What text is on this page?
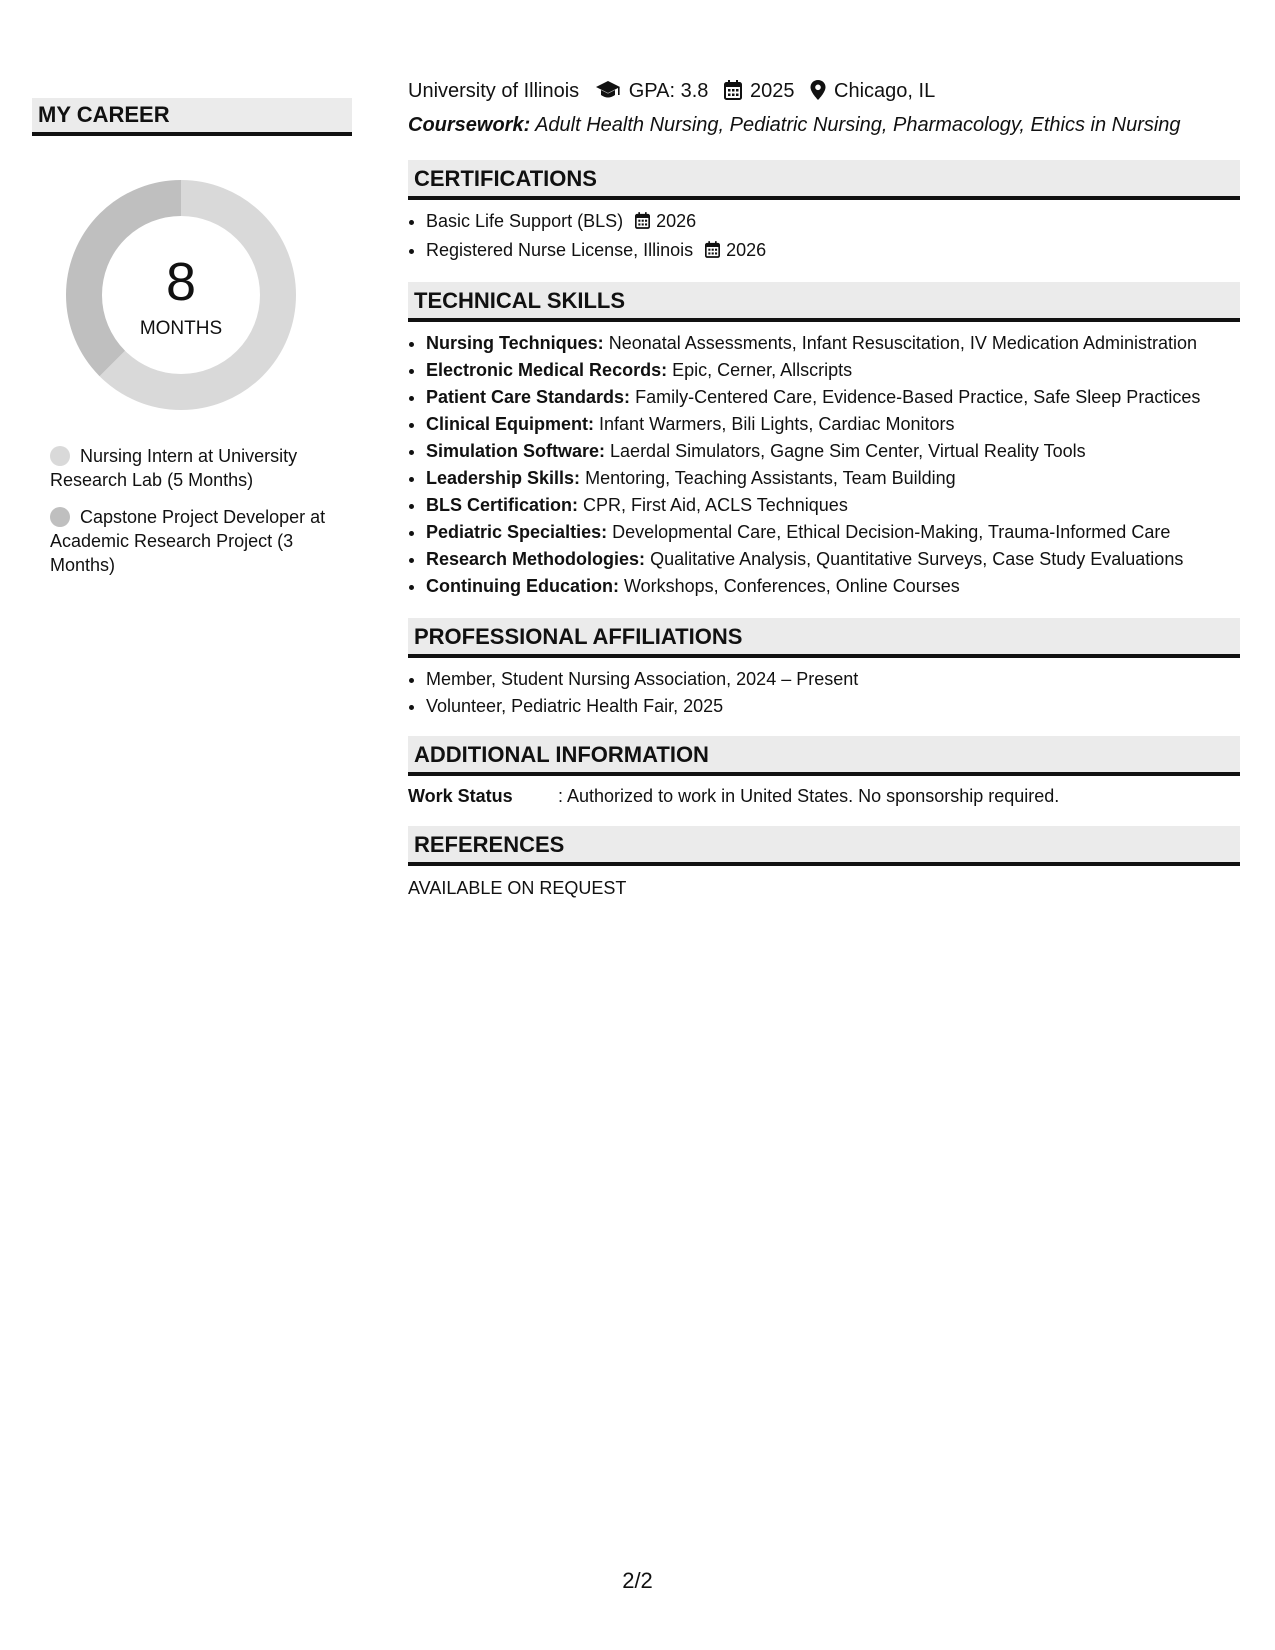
MY CAREER
8
MONTHS
Nursing Intern at University Research Lab (5 Months)
Capstone Project Developer at Academic Research Project (3 Months)
University of Illinois GPA: 3.8 2025 Chicago, IL
Coursework: Adult Health Nursing, Pediatric Nursing, Pharmacology, Ethics in Nursing
CERTIFICATIONS
• Basic Life Support (BLS) 2026
• Registered Nurse License, Illinois 2026
TECHNICAL SKILLS
• Nursing Techniques: Neonatal Assessments, Infant Resuscitation, IV Medication Administration
• Electronic Medical Records: Epic, Cerner, Allscripts
• Patient Care Standards: Family-Centered Care, Evidence-Based Practice, Safe Sleep Practices
• Clinical Equipment: Infant Warmers, Bili Lights, Cardiac Monitors
• Simulation Software: Laerdal Simulators, Gagne Sim Center, Virtual Reality Tools
• Leadership Skills: Mentoring, Teaching Assistants, Team Building
• BLS Certification: CPR, First Aid, ACLS Techniques
• Pediatric Specialties: Developmental Care, Ethical Decision-Making, Trauma-Informed Care
• Research Methodologies: Qualitative Analysis, Quantitative Surveys, Case Study Evaluations
• Continuing Education: Workshops, Conferences, Online Courses
PROFESSIONAL AFFILIATIONS
• Member, Student Nursing Association, 2024 – Present
• Volunteer, Pediatric Health Fair, 2025
ADDITIONAL INFORMATION
Work Status	: Authorized to work in United States. No sponsorship required.
REFERENCES
AVAILABLE ON REQUEST
2/2
